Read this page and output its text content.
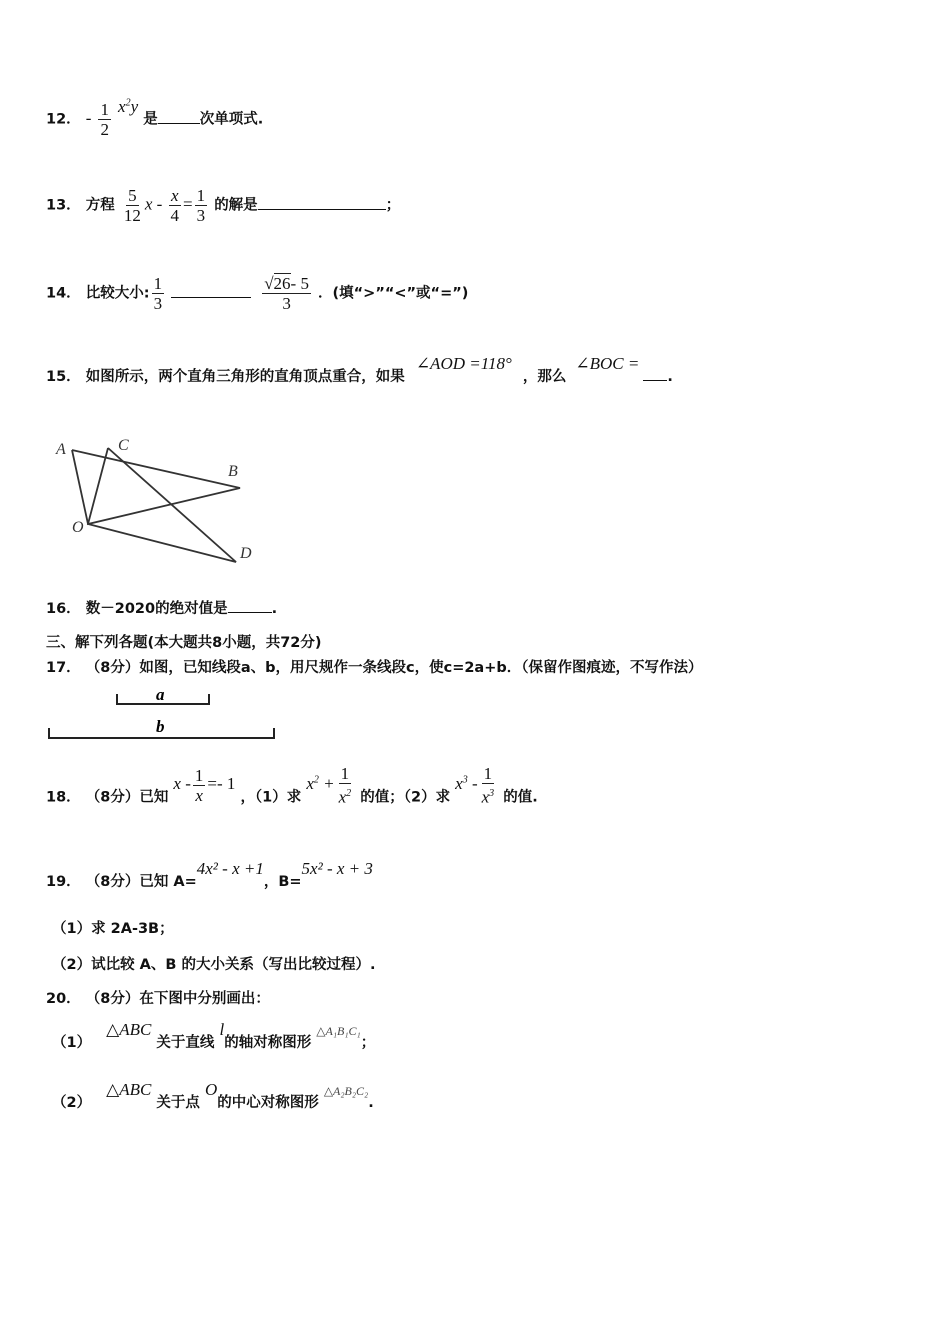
12． - $\frac{1}{2} x^2y$ 是	次单项式.
13． 方程 $\frac{5}{12}$ $x - \frac{x}{4} = \frac{1}{3}$ 的解是	；
14． 比较大小: $\frac{1}{3}$
	$\frac{√26- 5}{3}$ ．(填“>”“<”或“=”)
15． 如图所示，两个直角三角形的直角顶点重合，如果 ∠AOD =118° ，那么 ∠BOC =.
A	C
B
O
D
16． 数－2020的绝对值是	.
三、解下列各题(本大题共8小题，共72分)
17． （8分）如图，已知线段a、b，用尺规作一条线段c，使c=2a+b．（保留作图痕迹，不写作法）
a
b
18． （8分）已知 $x - \frac{1}{x} =- 1$ ，（1）求 $x^2 + \frac{1}{x^2}$ 的值；（2）求 $x^3 - \frac{1}{x^3}$ 的值.
19． （8分）已知 A=4x² - x +1，B=5x² - x + 3
（1）求 2A-3B；
（2）试比较 A、B 的大小关系（写出比较过程）.
20． （8分）在下图中分别画出：
（1） △ABC 关于直线 l的轴对称图形 $^{\triangle A_1B_1C_1}$；
（2） △ABC 关于点 O的中心对称图形 $^{\triangle A_2B_2C_2}$.
